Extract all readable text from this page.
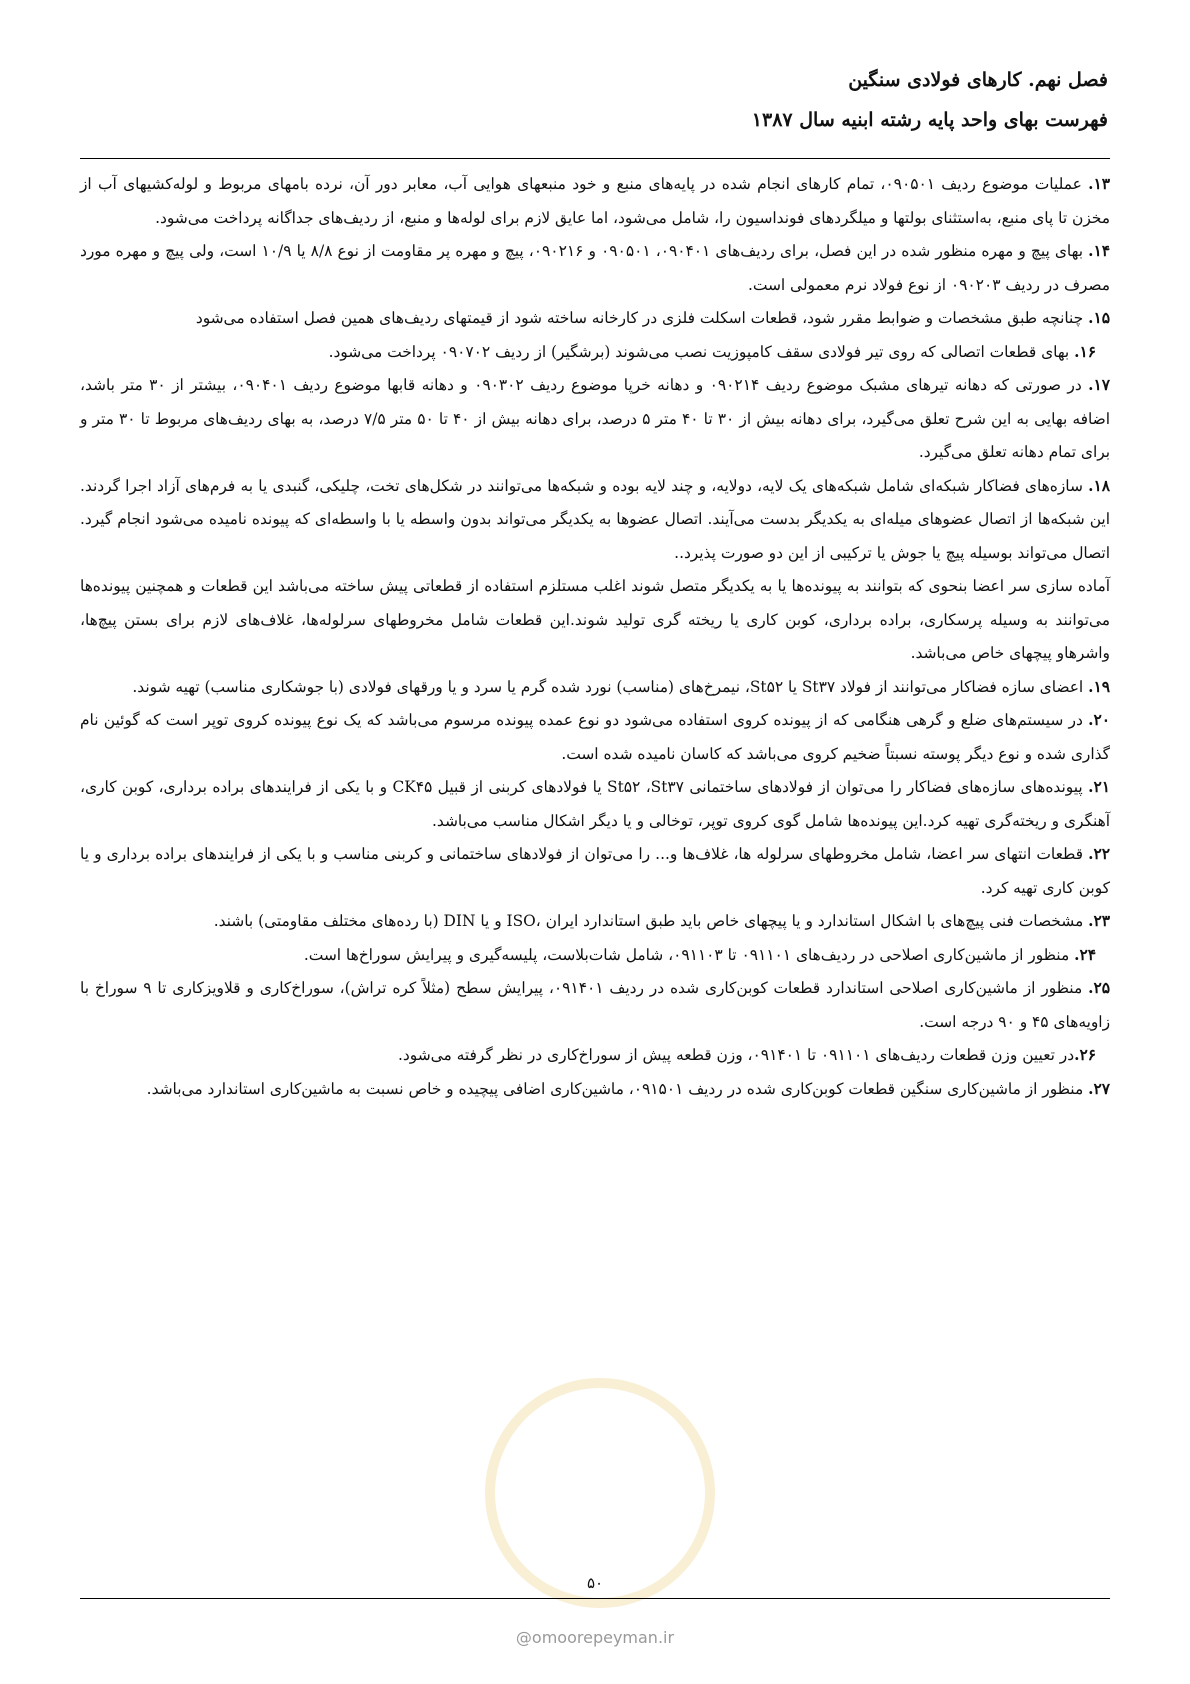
فصل نهم. کارهای فولادی سنگین
فهرست بهای واحد پایه رشته ابنیه سال ۱۳۸۷

۱۳. عملیات موضوع ردیف ۰۹۰۵۰۱، تمام کارهای انجام شده در پایه‌های منبع و خود منبعهای هوایی آب، معابر دور آن، نرده بامهای مربوط و لوله‌کشیهای آب از مخزن تا پای منبع، به‌استثنای بولتها و میلگردهای فونداسیون را، شامل می‌شود، اما عایق لازم برای لوله‌ها و منبع، از ردیف‌های جداگانه پرداخت می‌شود.

۱۴. بهای پیچ و مهره منظور شده در این فصل، برای ردیف‌های ۰۹۰۴۰۱، ۰۹۰۵۰۱ و ۰۹۰۲۱۶، پیچ و مهره پر مقاومت از نوع ۸/۸ یا ۱۰/۹ است، ولی پیچ و مهره مورد مصرف در ردیف ۰۹۰۲۰۳ از نوع فولاد نرم معمولی است.

۱۵. چنانچه طبق مشخصات و ضوابط مقرر شود، قطعات اسکلت فلزی در کارخانه ساخته شود از قیمتهای ردیف‌های همین فصل استفاده می‌شود

۱۶. بهای قطعات اتصالی که روی تیر فولادی سقف کامپوزیت نصب می‌شوند (برشگیر) از ردیف ۰۹۰۷۰۲ پرداخت می‌شود.

۱۷. در صورتی که دهانه تیرهای مشبک موضوع ردیف ۰۹۰۲۱۴ و دهانه خرپا موضوع ردیف ۰۹۰۳۰۲ و دهانه قابها موضوع ردیف ۰۹۰۴۰۱، بیشتر از ۳۰ متر باشد، اضافه بهایی به این شرح تعلق می‌گیرد، برای دهانه بیش از ۳۰ تا ۴۰ متر ۵ درصد، برای دهانه بیش از ۴۰ تا ۵۰ متر ۷/۵ درصد، به بهای ردیف‌های مربوط تا ۳۰ متر و برای تمام دهانه تعلق می‌گیرد.

۱۸. سازه‌های فضاکار شبکه‌ای شامل شبکه‌های یک لایه، دولایه، و چند لایه بوده و شبکه‌ها می‌توانند در شکل‌های تخت، چلیکی، گنبدی یا به فرم‌های آزاد اجرا گردند. این شبکه‌ها از اتصال عضوهای میله‌ای به یکدیگر بدست می‌آیند. اتصال عضوها به یکدیگر می‌تواند بدون واسطه یا با واسطه‌ای که پیونده نامیده می‌شود انجام گیرد. اتصال می‌تواند بوسیله پیچ یا جوش یا ترکیبی از این دو صورت پذیرد..

آماده سازی سر اعضا بنحوی که بتوانند به پیونده‌ها یا به یکدیگر متصل شوند اغلب مستلزم استفاده از قطعاتی پیش ساخته می‌باشد این قطعات و همچنین پیونده‌ها می‌توانند به وسیله پرسکاری، براده برداری، کوبن کاری یا ریخته گری تولید شوند.این قطعات شامل مخروطهای سرلوله‌ها، غلاف‌های لازم برای بستن پیچ‌ها، واشرهاو پیچهای خاص می‌باشد.

۱۹. اعضای سازه فضاکار می‌توانند از فولاد St۳۷ یا St۵۲، نیمرخ‌های (مناسب) نورد شده گرم یا سرد و یا ورقهای فولادی (با جوشکاری مناسب) تهیه شوند.

۲۰. در سیستم‌های ضلع و گرهی هنگامی که از پیونده کروی استفاده می‌شود دو نوع عمده پیونده مرسوم می‌باشد که یک نوع پیونده کروی توپر است که گوئین نام گذاری شده و نوع دیگر پوسته نسبتاً ضخیم کروی می‌باشد که کاسان نامیده شده است.

۲۱. پیونده‌های سازه‌های فضاکار را می‌توان از فولادهای ساختمانی St۵۲ ،St۳۷ یا فولادهای کربنی از قبیل CK۴۵ و با یکی از فرایندهای براده برداری، کوبن کاری، آهنگری و ریخته‌گری تهیه کرد.این پیونده‌ها شامل گوی کروی توپر، توخالی و یا دیگر اشکال مناسب می‌باشد.

۲۲. قطعات انتهای سر اعضا، شامل مخروطهای سرلوله ها، غلاف‌ها و... را می‌توان از فولادهای ساختمانی و کربنی مناسب و با یکی از فرایندهای براده برداری و یا کوبن کاری تهیه کرد.

۲۳. مشخصات فنی پیچ‌های با اشکال استاندارد و یا پیچهای خاص باید طبق استاندارد ایران ،ISO و یا DIN (با رده‌های مختلف مقاومتی) باشند.

۲۴. منظور از ماشین‌کاری اصلاحی در ردیف‌های ۰۹۱۱۰۱ تا ۰۹۱۱۰۳، شامل شات‌بلاست، پلیسه‌گیری و پیرایش سوراخ‌ها است.

۲۵. منظور از ماشین‌کاری اصلاحی استاندارد قطعات کوبن‌کاری شده در ردیف ۰۹۱۴۰۱، پیرایش سطح (مثلاً کره تراش)، سوراخ‌کاری و قلاویزکاری تا ۹ سوراخ با زاویه‌های ۴۵ و ۹۰ درجه است.

۲۶.در تعیین وزن قطعات ردیف‌های ۰۹۱۱۰۱ تا ۰۹۱۴۰۱، وزن قطعه پیش از سوراخ‌کاری در نظر گرفته می‌شود.

۲۷. منظور از ماشین‌کاری سنگین قطعات کوبن‌کاری شده در ردیف ۰۹۱۵۰۱، ماشین‌کاری اضافی پیچیده و خاص نسبت به ماشین‌کاری استاندارد می‌باشد.

۵۰
@omoorepeyman.ir
